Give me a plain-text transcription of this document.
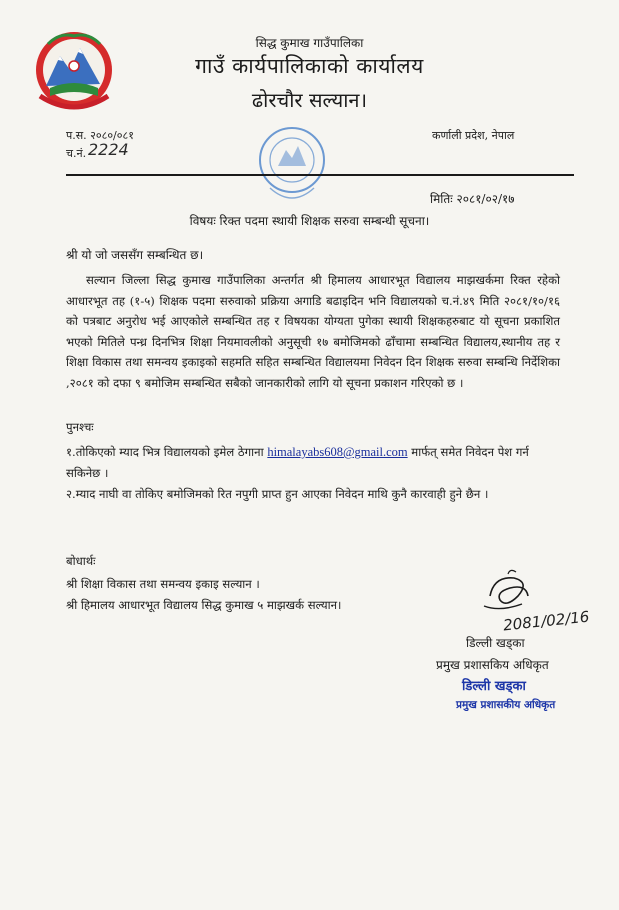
सिद्ध कुमाख गाउँपालिका
गाउँ कार्यपालिकाको कार्यालय
ढोरचौर सल्यान।
प.स. २०८०/०८१
च.नं. 2224
कर्णाली प्रदेश, नेपाल
मितिः २०८१/०२/१७
विषयः रिक्त पदमा स्थायी शिक्षक सरुवा सम्बन्धी सूचना।
श्री यो जो जससँग सम्बन्धित छ।
सल्यान जिल्ला सिद्ध कुमाख गाउँपालिका अन्तर्गत श्री हिमालय आधारभूत विद्यालय माझखर्कमा रिक्त रहेको आधारभूत तह (१-५) शिक्षक पदमा सरुवाको प्रक्रिया अगाडि बढाइदिन भनि विद्यालयको च.नं.४९ मिति २०८१/१०/१६ को पत्रबाट अनुरोध भई आएकोले सम्बन्धित तह र विषयका योग्यता पुगेका स्थायी शिक्षकहरुबाट यो सूचना प्रकाशित भएको मितिले पन्ध्र दिनभित्र शिक्षा नियमावलीको अनुसूची १७ बमोजिमको ढाँचामा सम्बन्धित विद्यालय,स्थानीय तह र शिक्षा विकास तथा समन्वय इकाइको सहमति सहित सम्बन्धित विद्यालयमा निवेदन दिन शिक्षक सरुवा सम्बन्धि निर्देशिका ,२०८१ को दफा ९ बमोजिम सम्बन्धित सबैको जानकारीको लागि यो सूचना प्रकाशन गरिएको छ ।
पुनश्चः
१.तोकिएको म्याद भित्र विद्यालयको इमेल ठेगाना himalayabs608@gmail.com मार्फत् समेत निवेदन पेश गर्न सकिनेछ ।
२.म्याद नाघी वा तोकिए बमोजिमको रित नपुगी प्राप्त हुन आएका निवेदन माथि कुनै कारवाही हुने छैन ।
बोधार्थः
श्री शिक्षा विकास तथा समन्वय इकाइ सल्यान ।
श्री हिमालय आधारभूत विद्यालय सिद्ध कुमाख ५ माझखर्क सल्यान।
2081/02/16
डिल्ली खड्का
प्रमुख प्रशासकिय अधिकृत
डिल्ली खड्का
प्रमुख प्रशासकीय अधिकृत
